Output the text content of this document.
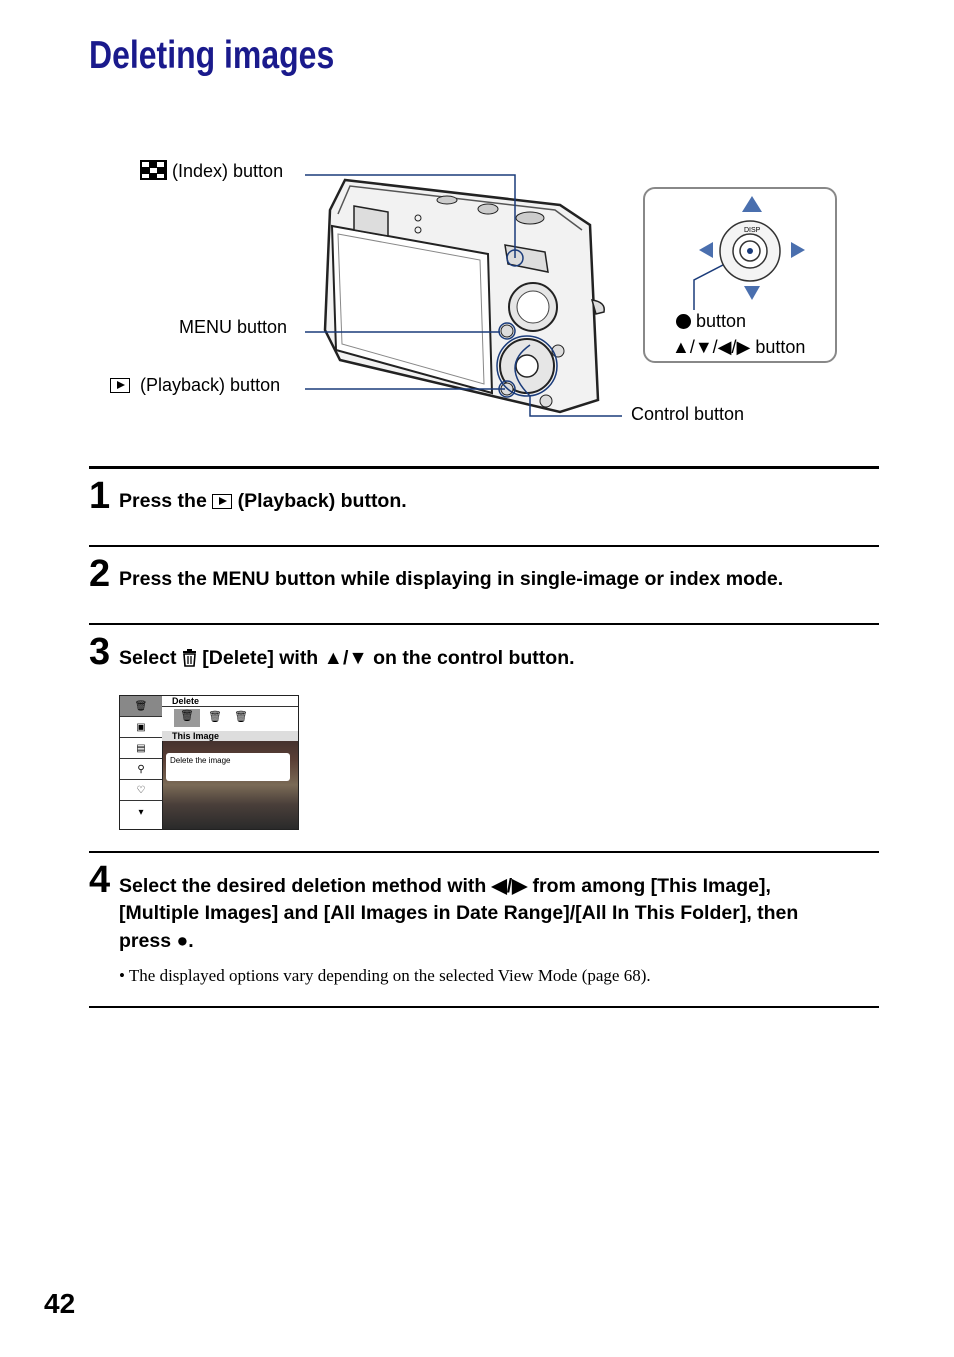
Deleting images
DISP
(Index) button
MENU button
(Playback) button
Control button
button
▲/▼/◀/▶ button
1 Press the (Playback) button.
2 Press the MENU button while displaying in single-image or index mode.
3 Select [Delete] with ▲/▼ on the control button.
🗑
▣
▤
⚲
♡
▾
Delete
🗑	🗑 🗑
This Image
Delete the image
4 Select the desired deletion method with ◀/▶ from among [This Image],
[Multiple Images] and [All Images in Date Range]/[All In This Folder], then
press ●.
• The displayed options vary depending on the selected View Mode (page 68).
42
